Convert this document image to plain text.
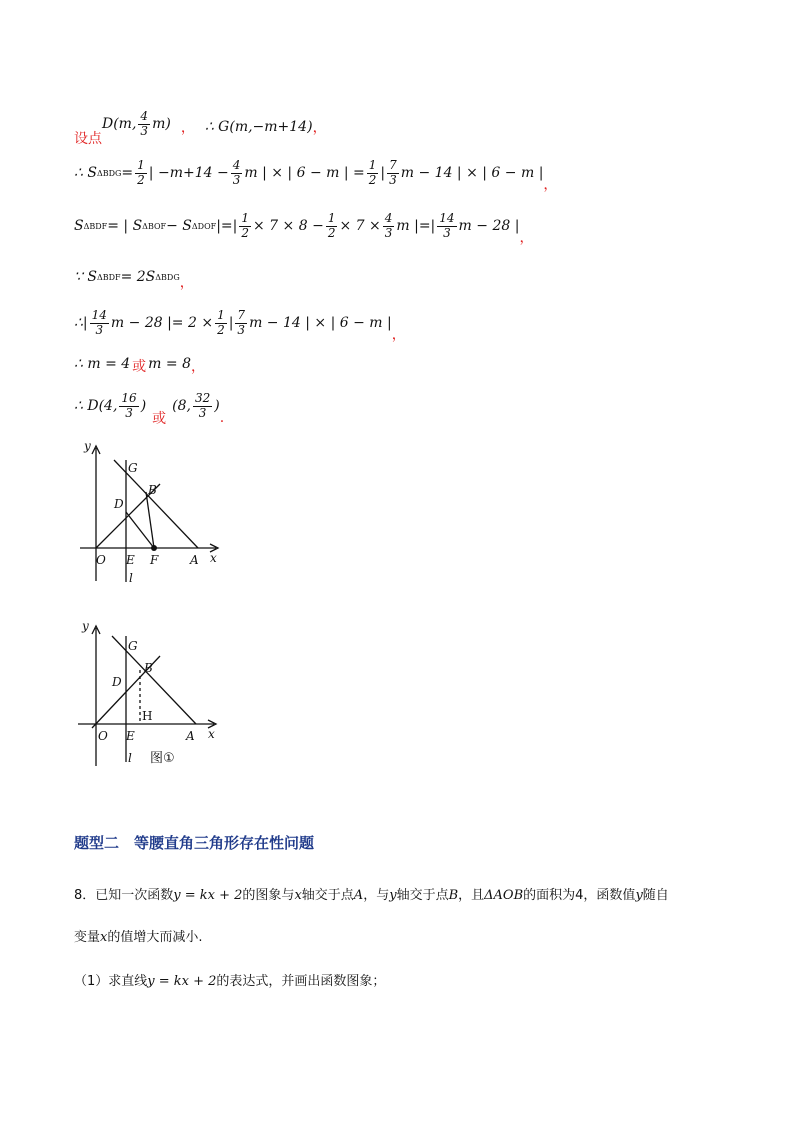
设点
D(m, $\frac{4}{3} m$) ， ∴ G(m,−m+14) ，
∴ S $\Delta BDG = \frac{1}{2}$ | $-m+14 - \frac{4}{3}$ m | × | 6 − m | = $\frac{1}{2}$ | $\frac{7}{3}$ m − 14 | × | 6 − m |
，
S ΔBDF = | S ΔBOF − S ΔDOF |=| $\frac{1}{2} \times 7 \times 8 - \frac{1}{2} \times 7 \times \frac{4}{3}$ m |=| $\frac{14}{3}$ m − 28 |
，
∵ S ΔBDF = 2S ΔBDG ，
∴| $\frac{14}{3}$ m − 28 |= $2 \times \frac{1}{2}$ | $\frac{7}{3}$ m − 14 | × | 6 − m |
，
∴ m = 4 或 m = 8 ，
∴ D(4, $\frac{16}{3}$ )
或
(8, $\frac{32}{3}$ )
.
y
x
G
B
D
O E F	A
l
y
x
G
B
D
H
O E	A
l 图①
题型二　等腰直角三角形存在性问题
8．已知一次函数y = kx + 2的图象与x轴交于点A，与y轴交于点B，且ΔAOB的面积为4，函数值y随自
变量x的值增大而减小.
（1）求直线y = kx + 2的表达式，并画出函数图象；
